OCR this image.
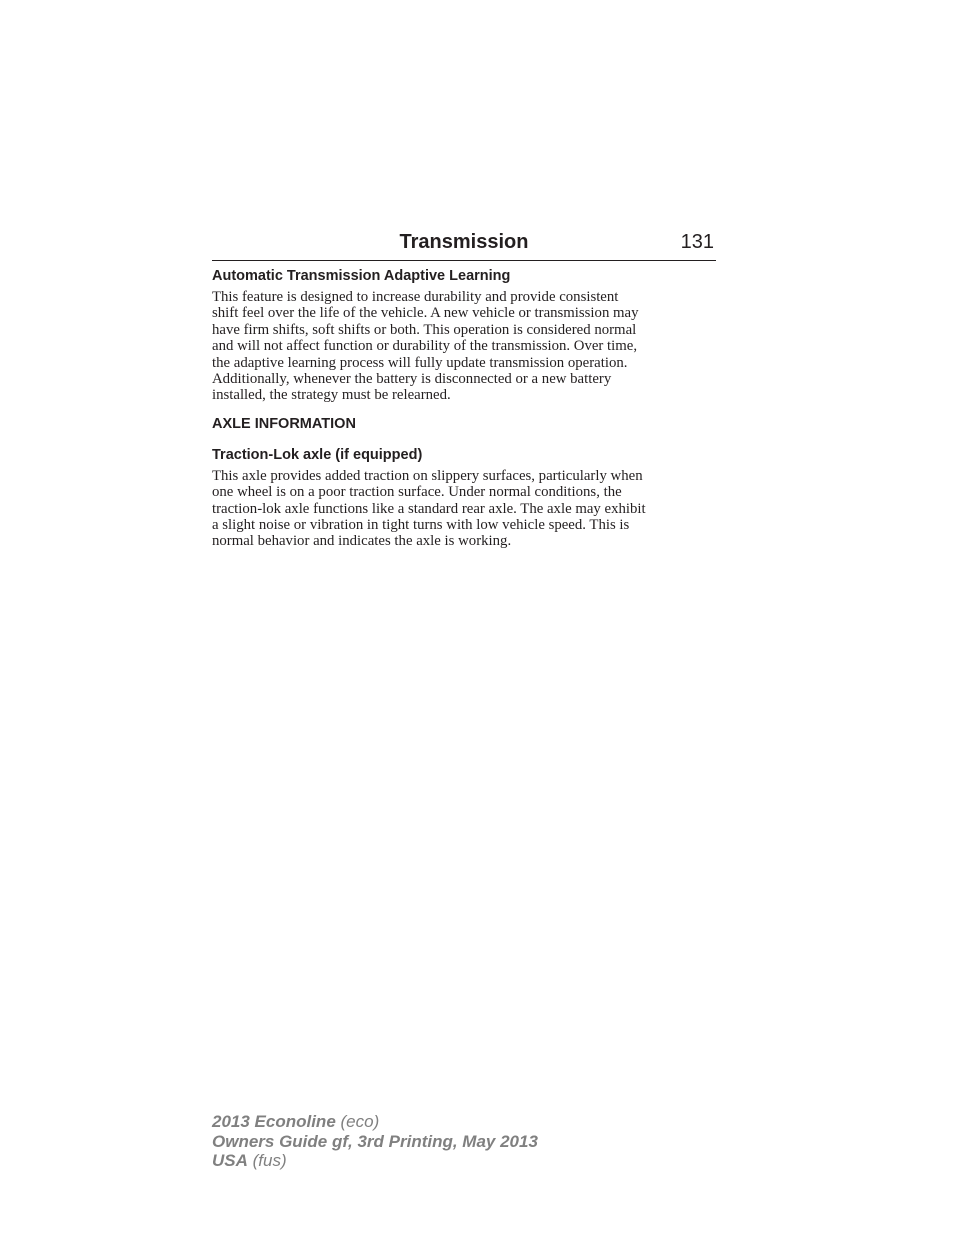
Transmission	131
Automatic Transmission Adaptive Learning
This feature is designed to increase durability and provide consistent
shift feel over the life of the vehicle. A new vehicle or transmission may
have firm shifts, soft shifts or both. This operation is considered normal
and will not affect function or durability of the transmission. Over time,
the adaptive learning process will fully update transmission operation.
Additionally, whenever the battery is disconnected or a new battery
installed, the strategy must be relearned.
AXLE INFORMATION
Traction-Lok axle (if equipped)
This axle provides added traction on slippery surfaces, particularly when
one wheel is on a poor traction surface. Under normal conditions, the
traction-lok axle functions like a standard rear axle. The axle may exhibit
a slight noise or vibration in tight turns with low vehicle speed. This is
normal behavior and indicates the axle is working.
2013 Econoline (eco)
Owners Guide gf, 3rd Printing, May 2013
USA (fus)
